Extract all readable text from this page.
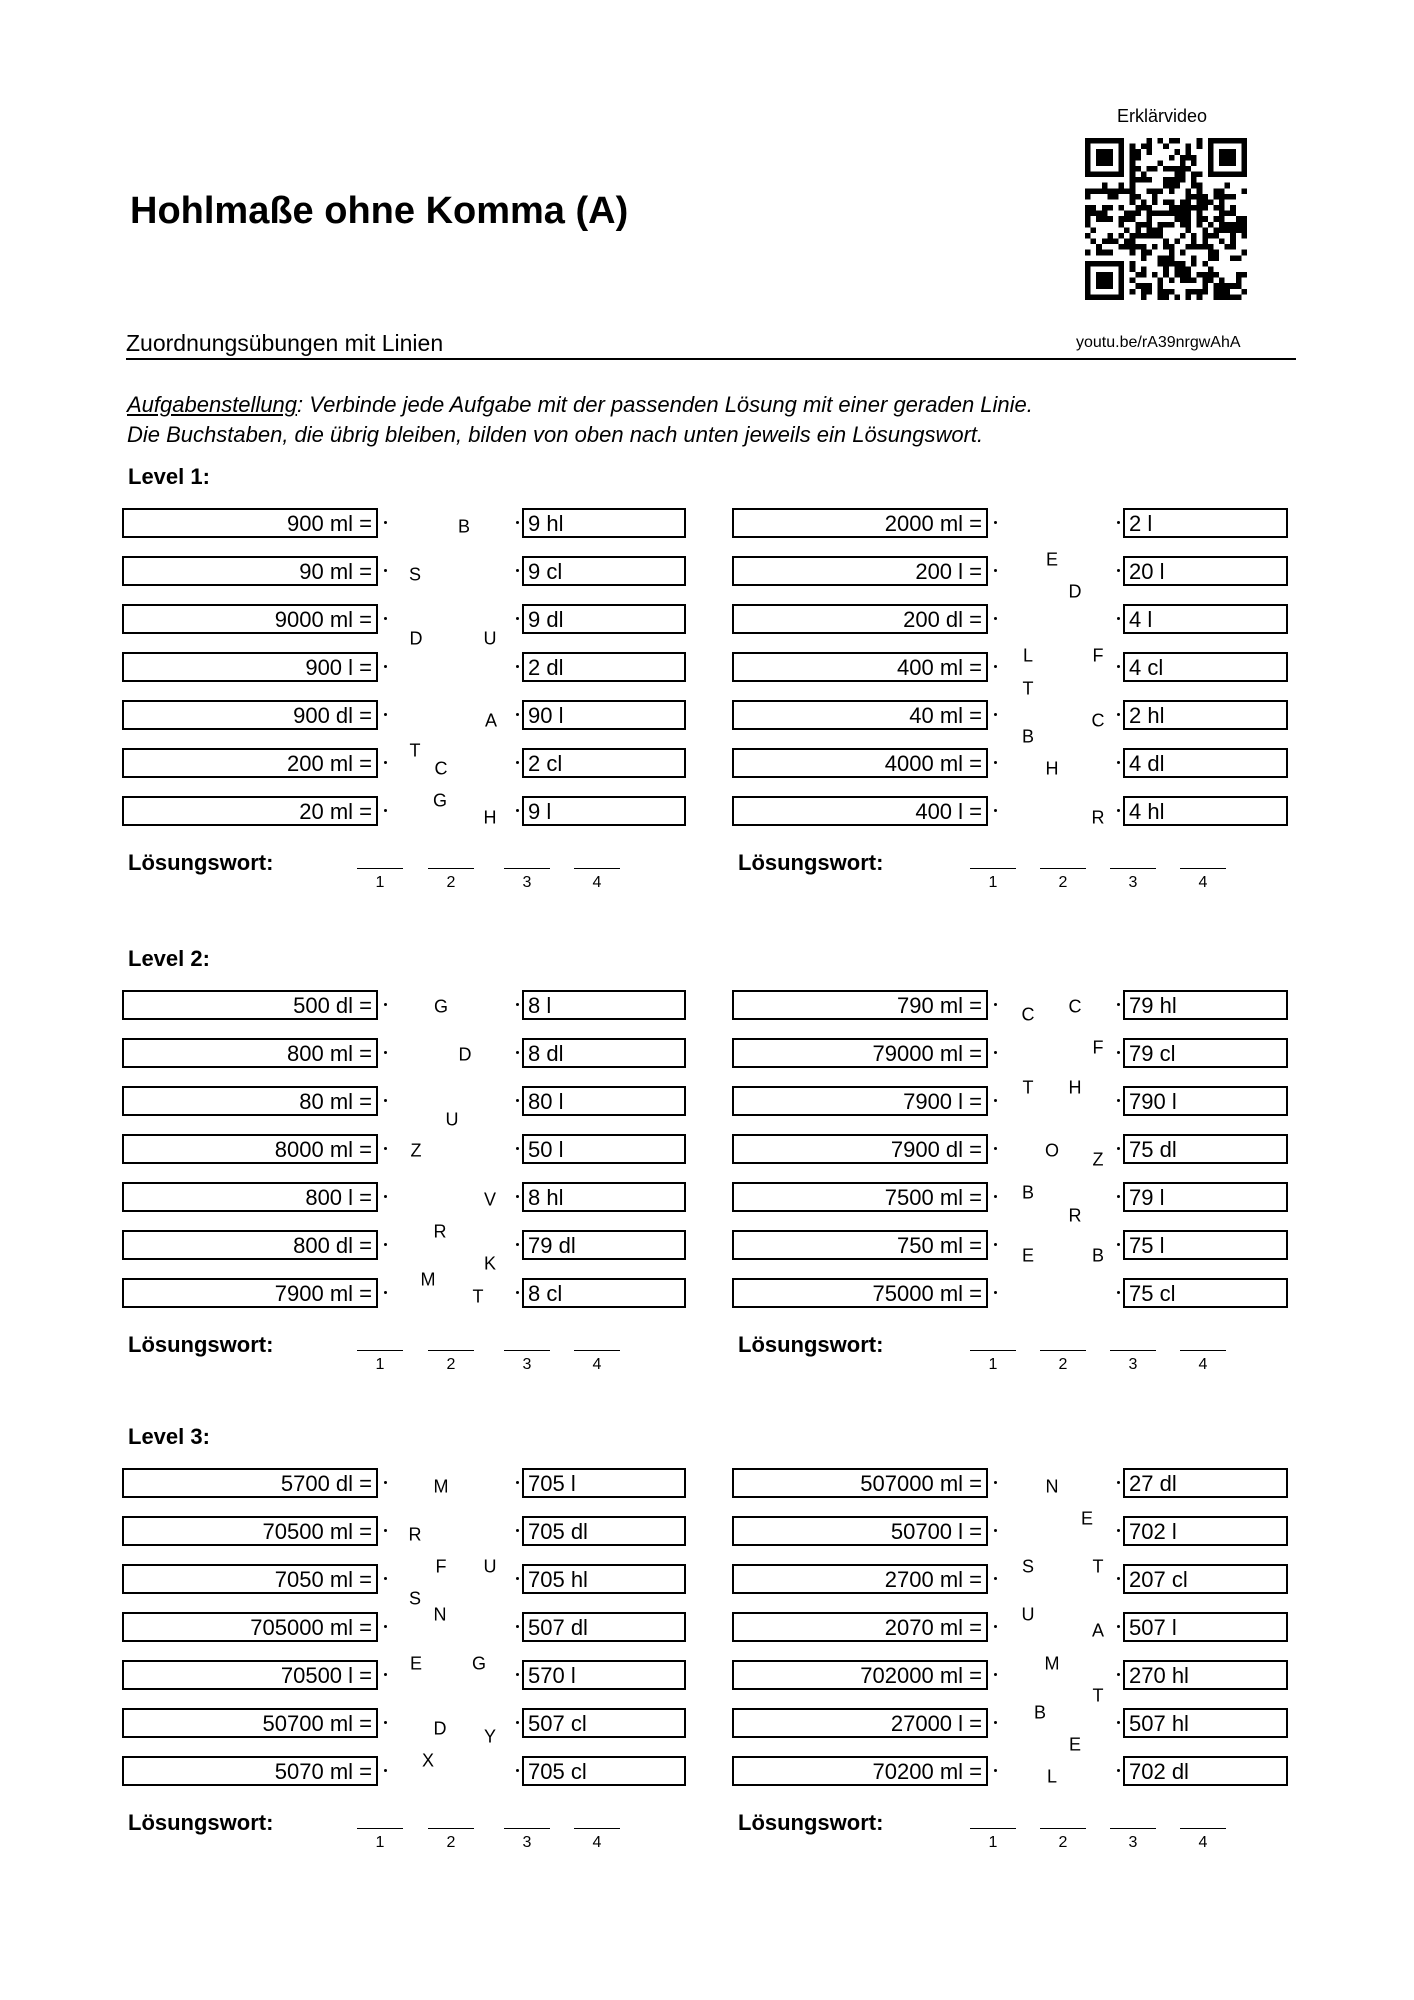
Hohlmaße ohne Komma (A)
Erklärvideo
Zuordnungsübungen mit Linien	youtu.be/rA39nrgwAhA
Aufgabenstellung: Verbinde jede Aufgabe mit der passenden Lösung mit einer geraden Linie.
Die Buchstaben, die übrig bleiben, bilden von oben nach unten jeweils ein Lösungswort.
Level 1:
900 ml =	9 hl
90 ml =	9 cl
9000 ml =	9 dl
900 l =	2 dl
900 dl =	90 l
200 ml =	2 cl
20 ml =	9 l
B
S
D	U
A
T
C
G
H
Lösungswort:
1	2	3	4
2000 ml =	2 l
200 l =	20 l
200 dl =	4 l
400 ml =	4 cl
40 ml =	2 hl
4000 ml =	4 dl
400 l =	4 hl
E
D
L	F
T
C
B
H
R
Lösungswort:
1	2	3	4
Level 2:
500 dl =	8 l
800 ml =	8 dl
80 ml =	80 l
8000 ml =	50 l
800 l =	8 hl
800 dl =	79 dl
7900 ml =	8 cl
G
D
U
Z
V
R
K
M
T
Lösungswort:
1	2	3	4
790 ml =	79 hl
79000 ml =	79 cl
7900 l =	790 l
7900 dl =	75 dl
7500 ml =	79 l
750 ml =	75 l
75000 ml =	75 cl
C C
F
T H
O Z
B
R
E	B
Lösungswort:
1	2	3	4
Level 3:
5700 dl =	705 l
70500 ml =	705 dl
7050 ml =	705 hl
705000 ml =	507 dl
70500 l =	570 l
50700 ml =	507 cl
5070 ml =	705 cl
M
R
F U
S
N
E	G
D Y
X
Lösungswort:
1	2	3	4
507000 ml =	27 dl
50700 l =	702 l
2700 ml =	207 cl
2070 ml =	507 l
702000 ml =	270 hl
27000 l =	507 hl
70200 ml =	702 dl
N
E
S	T
U
A
M
T
B
E
L
Lösungswort:
1	2	3	4
